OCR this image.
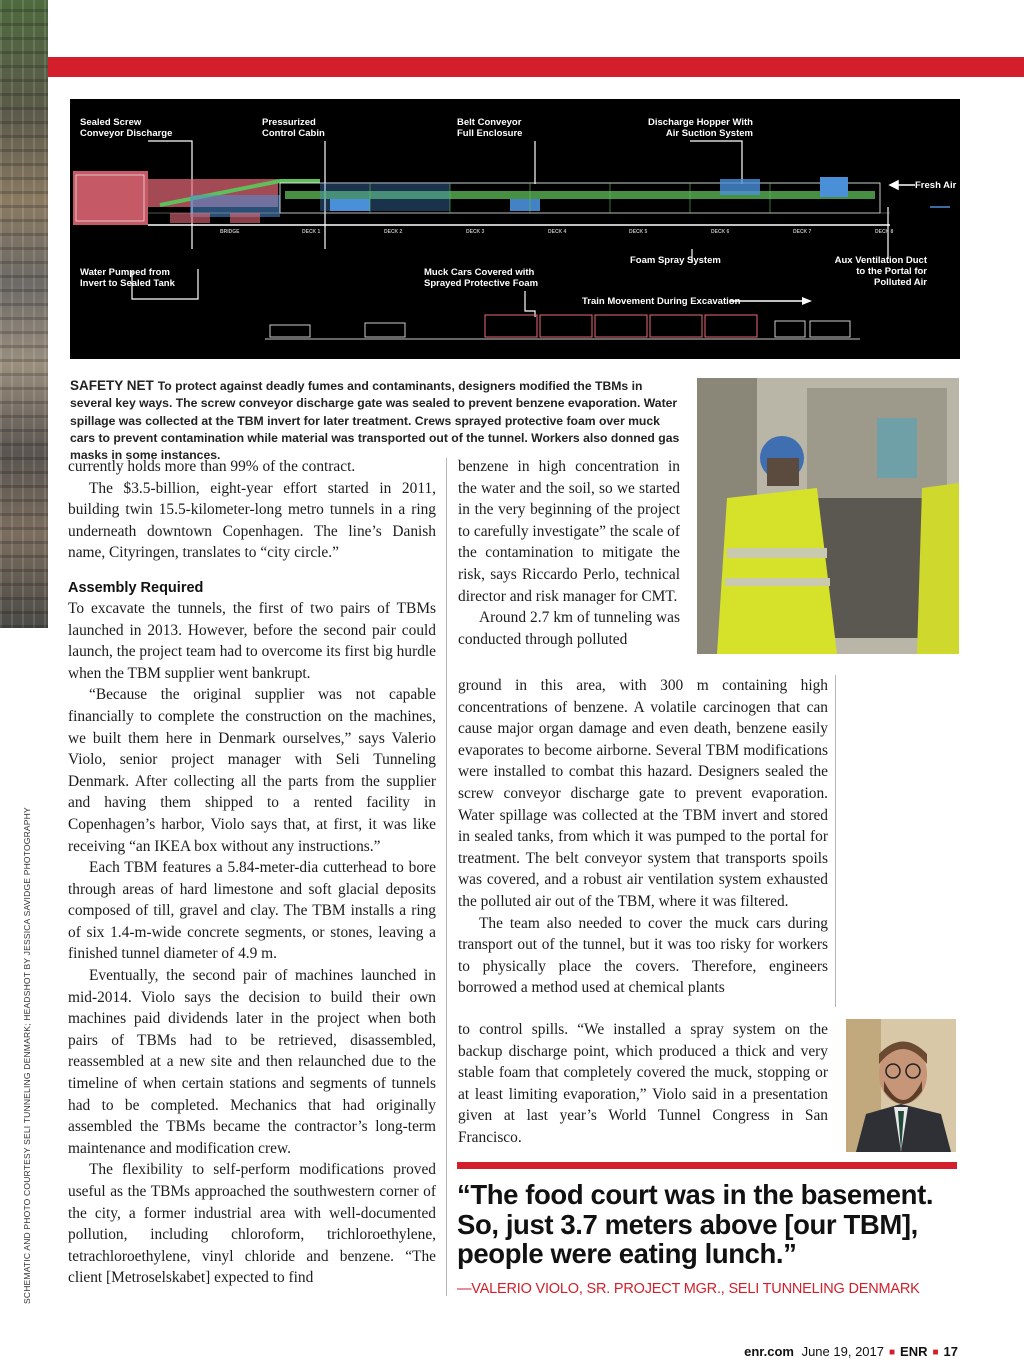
SCHEMATIC AND PHOTO COURTESY SELI TUNNELING DENMARK; HEADSHOT BY JESSICA SAVIDGE PHOTOGRAPHY
Sealed Screw
Conveyor Discharge
Pressurized
Control Cabin
Belt Conveyor
Full Enclosure
Discharge Hopper With
Air Suction System
Fresh Air
Water Pumped from
Invert to Sealed Tank
Muck Cars Covered with
Sprayed Protective Foam
Foam Spray System	Aux Ventilation Duct
to the Portal for
Polluted Air
Train Movement During Excavation
BRIDGE	DECK 1	DECK 2	DECK 3	DECK 4	DECK 5	DECK 6	DECK 7	DECK 8
SAFETY NET To protect against deadly fumes and contaminants, designers modified the TBMs in several key ways. The screw conveyor discharge gate was sealed to prevent benzene evaporation. Water spillage was collected at the TBM invert for later treatment. Crews sprayed protective foam over muck cars to prevent contamination while material was transported out of the tunnel. Workers also donned gas masks in some instances.

currently holds more than 99% of the contract.

The $3.5-billion, eight-year effort started in 2011, building twin 15.5-kilometer-long metro tunnels in a ring underneath downtown Copenhagen. The line’s Danish name, Cityringen, translates to “city circle.”

Assembly Required

To excavate the tunnels, the first of two pairs of TBMs launched in 2013. However, before the second pair could launch, the project team had to overcome its first big hurdle when the TBM supplier went bankrupt.

“Because the original supplier was not capable financially to complete the construction on the machines, we built them here in Denmark ourselves,” says Valerio Violo, senior project manager with Seli Tunneling Denmark. After collecting all the parts from the supplier and having them shipped to a rented facility in Copenhagen’s harbor, Violo says that, at first, it was like receiving “an IKEA box without any instructions.”

Each TBM features a 5.84-meter-dia cutterhead to bore through areas of hard limestone and soft glacial deposits composed of till, gravel and clay. The TBM installs a ring of six 1.4-m-wide concrete segments, or stones, leaving a finished tunnel diameter of 4.9 m.

Eventually, the second pair of machines launched in mid-2014. Violo says the decision to build their own machines paid dividends later in the project when both pairs of TBMs had to be retrieved, disassembled, reassembled at a new site and then relaunched due to the timeline of when certain stations and segments of tunnels had to be completed. Mechanics that had originally assembled the TBMs became the contractor’s long-term maintenance and modification crew.

The flexibility to self-perform modifications proved useful as the TBMs approached the southwestern corner of the city, a former industrial area with well-documented pollution, including chloroform, trichloroethylene, tetrachloroethylene, vinyl chloride and benzene. “The client [Metroselskabet] expected to find

benzene in high concentration in the water and the soil, so we started in the very beginning of the project to carefully investigate” the scale of the contamination to mitigate the risk, says Riccardo Perlo, technical director and risk manager for CMT.

Around 2.7 km of tunneling was conducted through polluted

ground in this area, with 300 m containing high concentrations of benzene. A volatile carcinogen that can cause major organ damage and even death, benzene easily evaporates to become airborne. Several TBM modifications were installed to combat this hazard. Designers sealed the screw conveyor discharge gate to prevent evaporation. Water spillage was collected at the TBM invert and stored in sealed tanks, from which it was pumped to the portal for treatment. The belt conveyor system that transports spoils was covered, and a robust air ventilation system exhausted the polluted air out of the TBM, where it was filtered.

The team also needed to cover the muck cars during transport out of the tunnel, but it was too risky for workers to physically place the covers. Therefore, engineers borrowed a method used at chemical plants

to control spills. “We installed a spray system on the backup discharge point, which produced a thick and very stable foam that completely covered the muck, stopping or at least limiting evaporation,” Violo said in a presentation given at last year’s World Tunnel Congress in San Francisco.

“The food court was in the basement. So, just 3.7 meters above [our TBM], people were eating lunch.”
—VALERIO VIOLO, SR. PROJECT MGR., SELI TUNNELING DENMARK
enr.com June 19, 2017 ■ ENR ■ 17
